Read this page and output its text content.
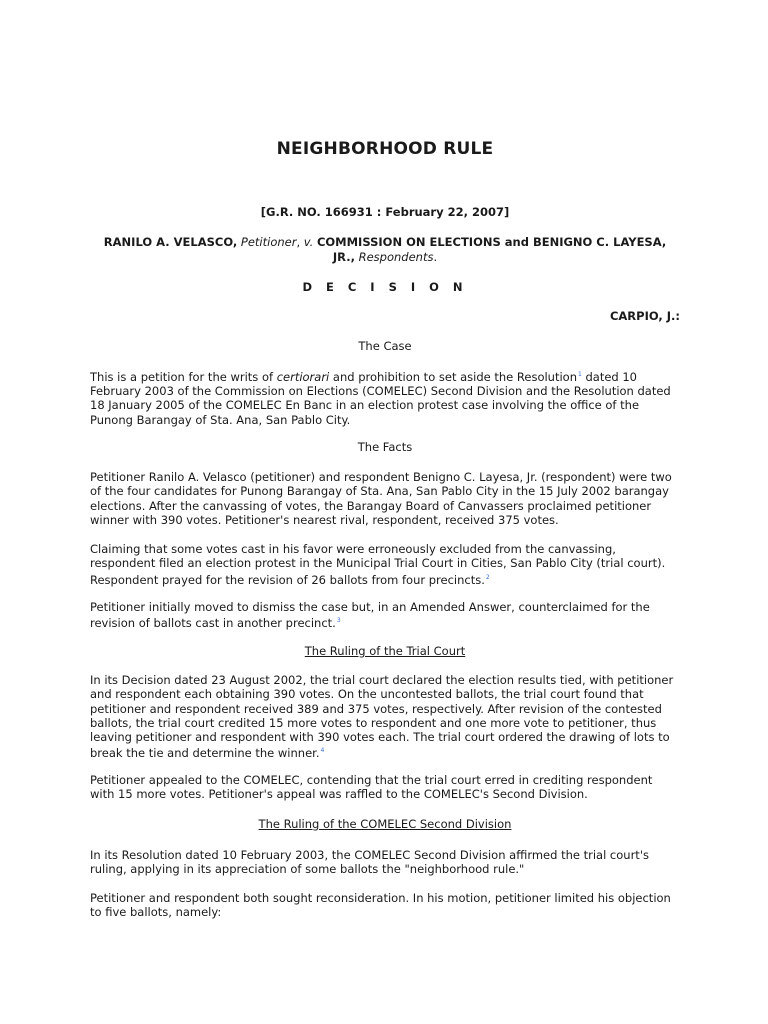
NEIGHBORHOOD RULE
[G.R. NO. 166931 : February 22, 2007]
RANILO A. VELASCO, Petitioner, v. COMMISSION ON ELECTIONS and BENIGNO C. LAYESA,
JR., Respondents.
D E C I S I O N
CARPIO, J.:
The Case

This is a petition for the writs of certiorari and prohibition to set aside the Resolution$^1$ dated 10 February 2003 of the Commission on Elections (COMELEC) Second Division and the Resolution dated 18 January 2005 of the COMELEC En Banc in an election protest case involving the office of the Punong Barangay of Sta. Ana, San Pablo City.

The Facts

Petitioner Ranilo A. Velasco (petitioner) and respondent Benigno C. Layesa, Jr. (respondent) were two of the four candidates for Punong Barangay of Sta. Ana, San Pablo City in the 15 July 2002 barangay elections. After the canvassing of votes, the Barangay Board of Canvassers proclaimed petitioner winner with 390 votes. Petitioner's nearest rival, respondent, received 375 votes.

Claiming that some votes cast in his favor were erroneously excluded from the canvassing, respondent filed an election protest in the Municipal Trial Court in Cities, San Pablo City (trial court). Respondent prayed for the revision of 26 ballots from four precincts.$^2$

Petitioner initially moved to dismiss the case but, in an Amended Answer, counterclaimed for the revision of ballots cast in another precinct.$^3$

The Ruling of the Trial Court

In its Decision dated 23 August 2002, the trial court declared the election results tied, with petitioner and respondent each obtaining 390 votes. On the uncontested ballots, the trial court found that petitioner and respondent received 389 and 375 votes, respectively. After revision of the contested ballots, the trial court credited 15 more votes to respondent and one more vote to petitioner, thus leaving petitioner and respondent with 390 votes each. The trial court ordered the drawing of lots to break the tie and determine the winner.$^4$

Petitioner appealed to the COMELEC, contending that the trial court erred in crediting respondent with 15 more votes. Petitioner's appeal was raffled to the COMELEC's Second Division.

The Ruling of the COMELEC Second Division

In its Resolution dated 10 February 2003, the COMELEC Second Division affirmed the trial court's ruling, applying in its appreciation of some ballots the "neighborhood rule."

Petitioner and respondent both sought reconsideration. In his motion, petitioner limited his objection to five ballots, namely:
